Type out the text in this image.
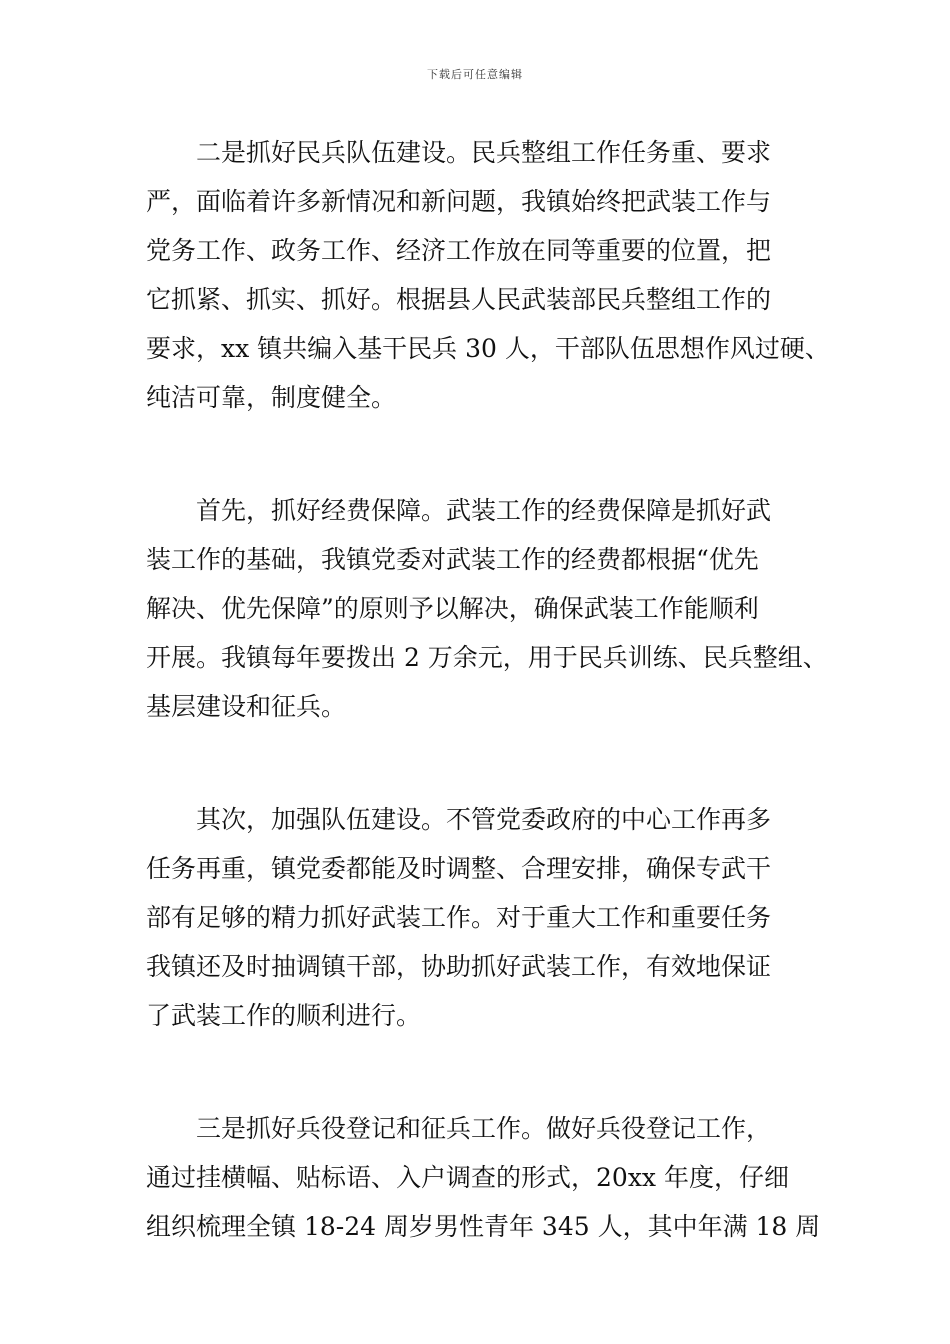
下载后可任意编辑
二是抓好民兵队伍建设。民兵整组工作任务重、要求
严，面临着许多新情况和新问题，我镇始终把武装工作与
党务工作、政务工作、经济工作放在同等重要的位置，把
它抓紧、抓实、抓好。根据县人民武装部民兵整组工作的
要求，xx 镇共编入基干民兵 30 人，干部队伍思想作风过硬、
纯洁可靠，制度健全。
首先，抓好经费保障。武装工作的经费保障是抓好武
装工作的基础，我镇党委对武装工作的经费都根据“优先
解决、优先保障”的原则予以解决，确保武装工作能顺利
开展。我镇每年要拨出 2 万余元，用于民兵训练、民兵整组、
基层建设和征兵。
其次，加强队伍建设。不管党委政府的中心工作再多
任务再重，镇党委都能及时调整、合理安排，确保专武干
部有足够的精力抓好武装工作。对于重大工作和重要任务
我镇还及时抽调镇干部，协助抓好武装工作，有效地保证
了武装工作的顺利进行。
三是抓好兵役登记和征兵工作。做好兵役登记工作，
通过挂横幅、贴标语、入户调查的形式，20xx 年度，仔细
组织梳理全镇 18-24 周岁男性青年 345 人，其中年满 18 周
